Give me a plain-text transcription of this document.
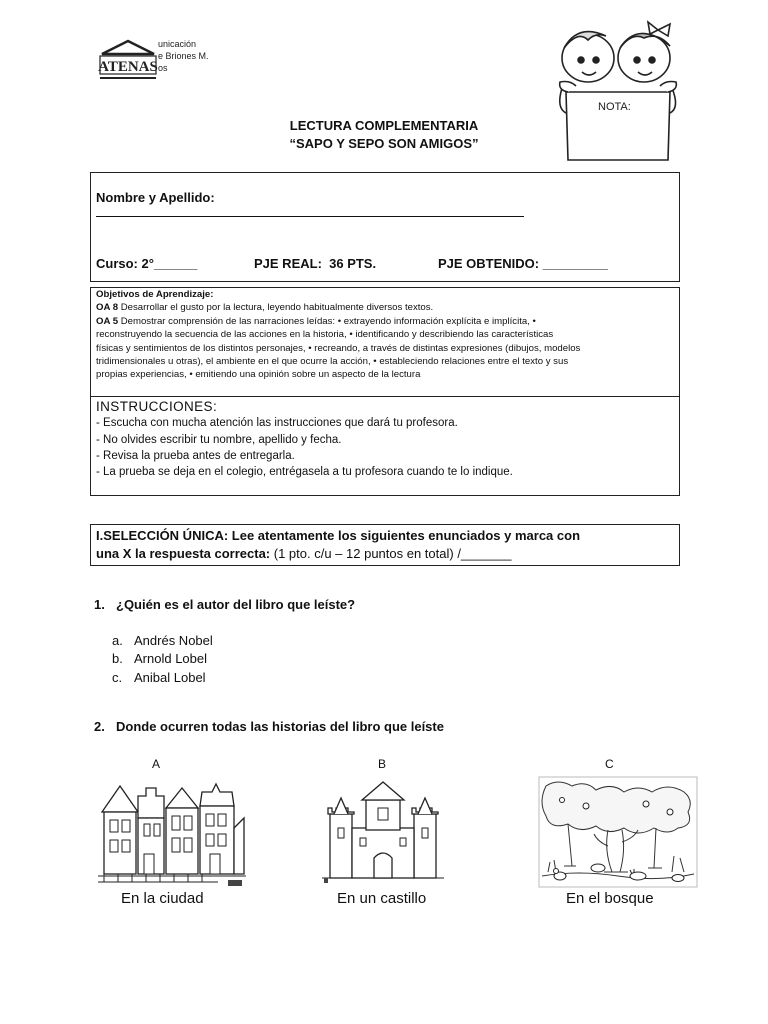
ATENAS
unicación
e Briones M.
os
NOTA:
LECTURA COMPLEMENTARIA
“SAPO Y SEPO SON AMIGOS”
Nombre y Apellido:
Curso: 2°______	PJE REAL:  36 PTS.	PJE OBTENIDO: _________
Objetivos de Aprendizaje:
OA 8 Desarrollar el gusto por la lectura, leyendo habitualmente diversos textos.
OA 5 Demostrar comprensión de las narraciones leídas: • extrayendo información explícita e implícita, •
reconstruyendo la secuencia de las acciones en la historia, • identificando y describiendo las características
físicas y sentimientos de los distintos personajes, • recreando, a través de distintas expresiones (dibujos, modelos
tridimensionales u otras), el ambiente en el que ocurre la acción, • estableciendo relaciones entre el texto y sus
propias experiencias, • emitiendo una opinión sobre un aspecto de la lectura
INSTRUCCIONES:
- Escucha con mucha atención las instrucciones que dará tu profesora.
- No olvides escribir tu nombre, apellido y fecha.
- Revisa la prueba antes de entregarla.
- La prueba se deja en el colegio, entrégasela a tu profesora cuando te lo indique.
I.SELECCIÓN ÚNICA: Lee atentamente los siguientes enunciados y marca con
una X la respuesta correcta: (1 pto. c/u – 12 puntos en total) /_______
1. ¿Quién es el autor del libro que leíste?
a. Andrés Nobel
b. Arnold Lobel
c. Anibal Lobel
2. Donde ocurren todas las historias del libro que leíste
A	B	C
En la ciudad	En un castillo	En el bosque
